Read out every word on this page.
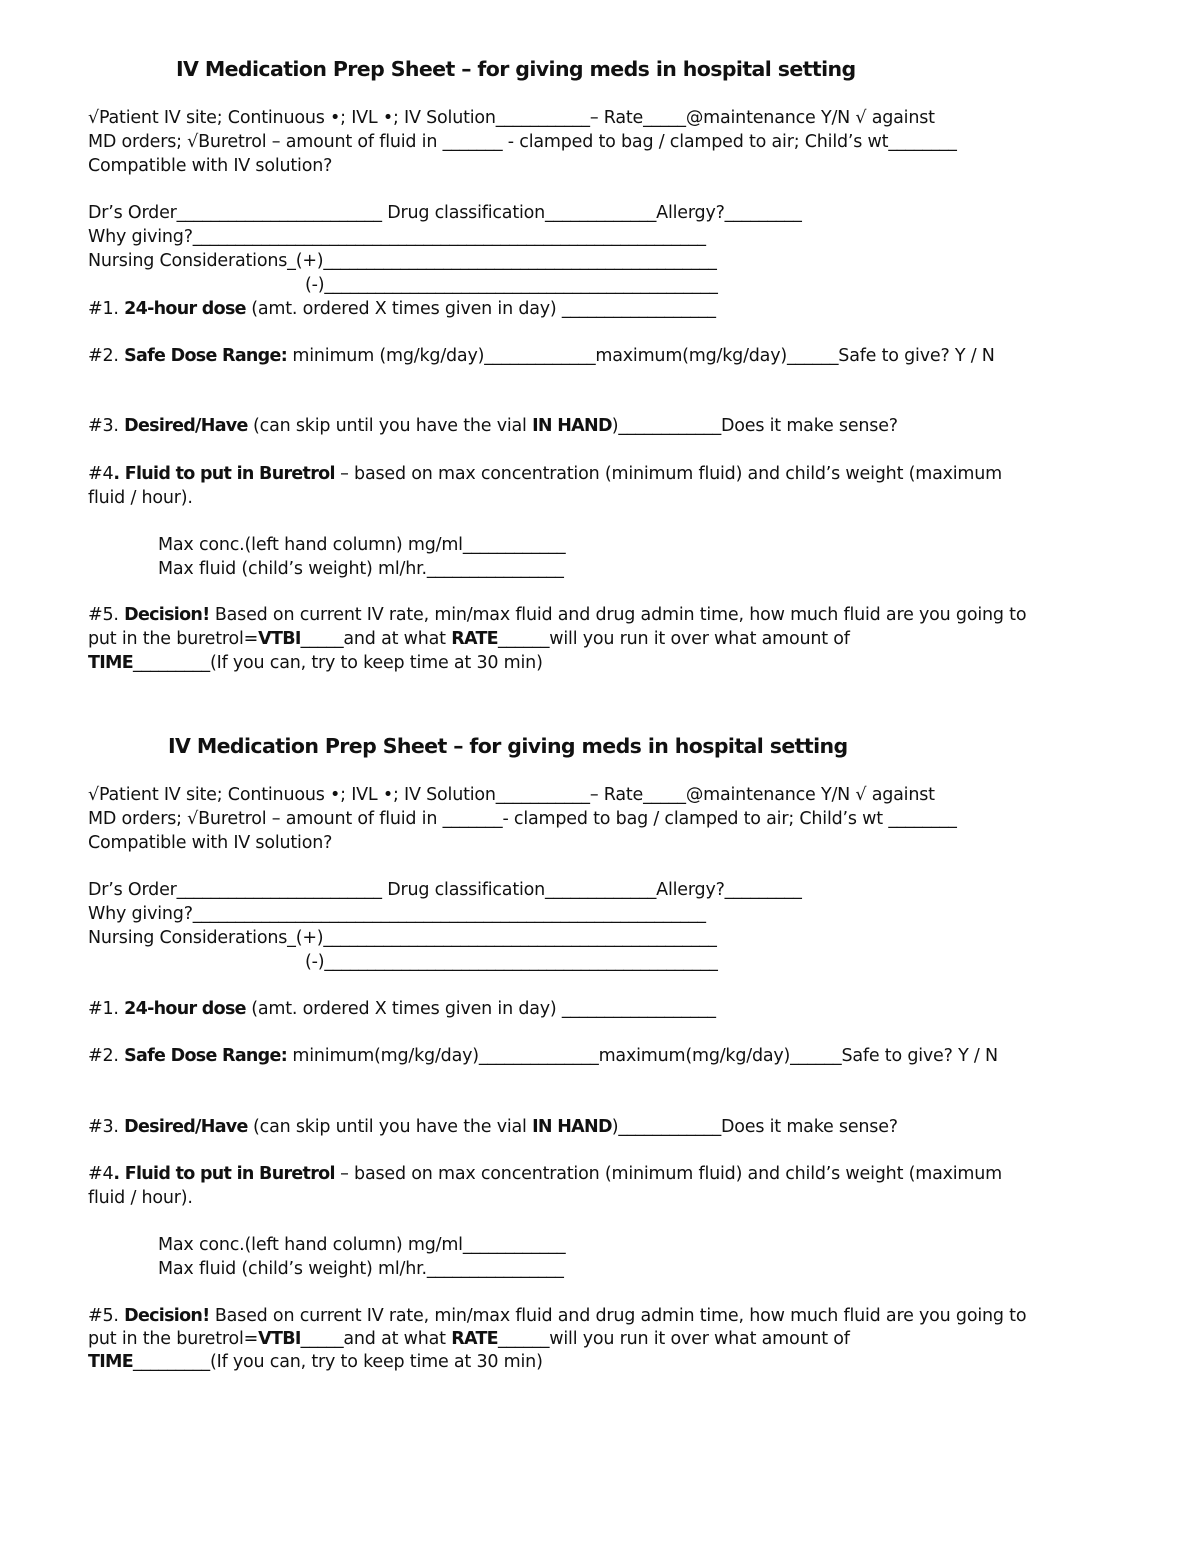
IV Medication Prep Sheet – for giving meds in hospital setting
√Patient IV site; Continuous •; IVL •; IV Solution___________– Rate_____@maintenance Y/N √ against
MD orders; √Buretrol – amount of fluid in _______ - clamped to bag / clamped to air; Child’s wt________
Compatible with IV solution?
Dr’s Order________________________ Drug classification_____________Allergy?_________
Why giving?____________________________________________________________
Nursing Considerations_(+)______________________________________________
(-)______________________________________________
#1. 24-hour dose (amt. ordered X times given in day) __________________
#2. Safe Dose Range: minimum (mg/kg/day)_____________maximum(mg/kg/day)______Safe to give? Y / N
#3. Desired/Have (can skip until you have the vial IN HAND)____________Does it make sense?
#4. Fluid to put in Buretrol – based on max concentration (minimum fluid) and child’s weight (maximum
fluid / hour).
Max conc.(left hand column) mg/ml____________
Max fluid (child’s weight) ml/hr.________________
#5. Decision! Based on current IV rate, min/max fluid and drug admin time, how much fluid are you going to
put in the buretrol=VTBI_____and at what RATE______will you run it over what amount of
TIME_________(If you can, try to keep time at 30 min)
IV Medication Prep Sheet – for giving meds in hospital setting
√Patient IV site; Continuous •; IVL •; IV Solution___________– Rate_____@maintenance Y/N √ against
MD orders; √Buretrol – amount of fluid in _______- clamped to bag / clamped to air; Child’s wt ________
Compatible with IV solution?
Dr’s Order________________________ Drug classification_____________Allergy?_________
Why giving?____________________________________________________________
Nursing Considerations_(+)______________________________________________
(-)______________________________________________
#1. 24-hour dose (amt. ordered X times given in day) __________________
#2. Safe Dose Range: minimum(mg/kg/day)______________maximum(mg/kg/day)______Safe to give? Y / N
#3. Desired/Have (can skip until you have the vial IN HAND)____________Does it make sense?
#4. Fluid to put in Buretrol – based on max concentration (minimum fluid) and child’s weight (maximum
fluid / hour).
Max conc.(left hand column) mg/ml____________
Max fluid (child’s weight) ml/hr.________________
#5. Decision! Based on current IV rate, min/max fluid and drug admin time, how much fluid are you going to
put in the buretrol=VTBI_____and at what RATE______will you run it over what amount of
TIME_________(If you can, try to keep time at 30 min)
